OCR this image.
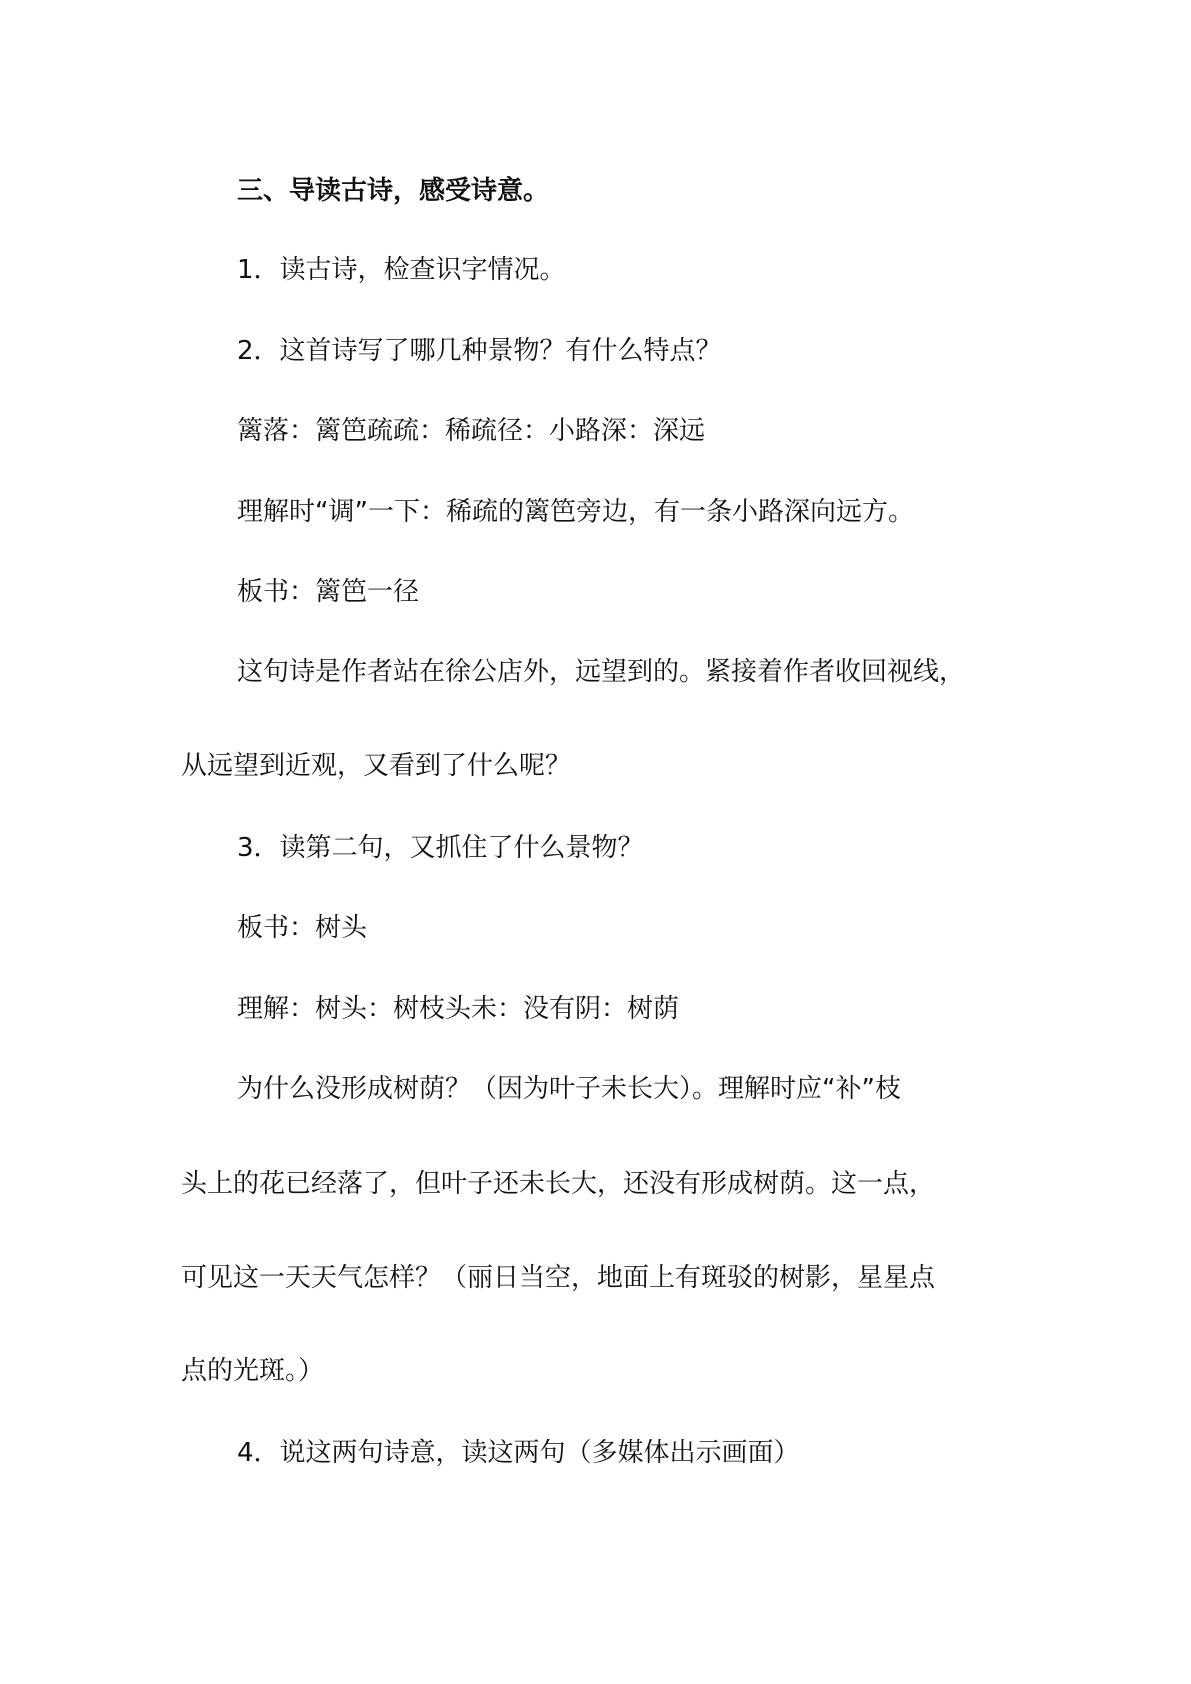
三、导读古诗，感受诗意。
1．读古诗，检查识字情况。
2．这首诗写了哪几种景物？有什么特点？
篱落：篱笆疏疏：稀疏径：小路深：深远
理解时“调”一下：稀疏的篱笆旁边，有一条小路深向远方。
板书：篱笆一径
这句诗是作者站在徐公店外，远望到的。紧接着作者收回视线，
从远望到近观，又看到了什么呢？
3．读第二句，又抓住了什么景物？
板书：树头
理解：树头：树枝头未：没有阴：树荫
为什么没形成树荫？（因为叶子未长大）。理解时应“补”枝
头上的花已经落了，但叶子还未长大，还没有形成树荫。这一点，
可见这一天天气怎样？（丽日当空，地面上有斑驳的树影，星星点
点的光斑。）
4．说这两句诗意，读这两句（多媒体出示画面）
